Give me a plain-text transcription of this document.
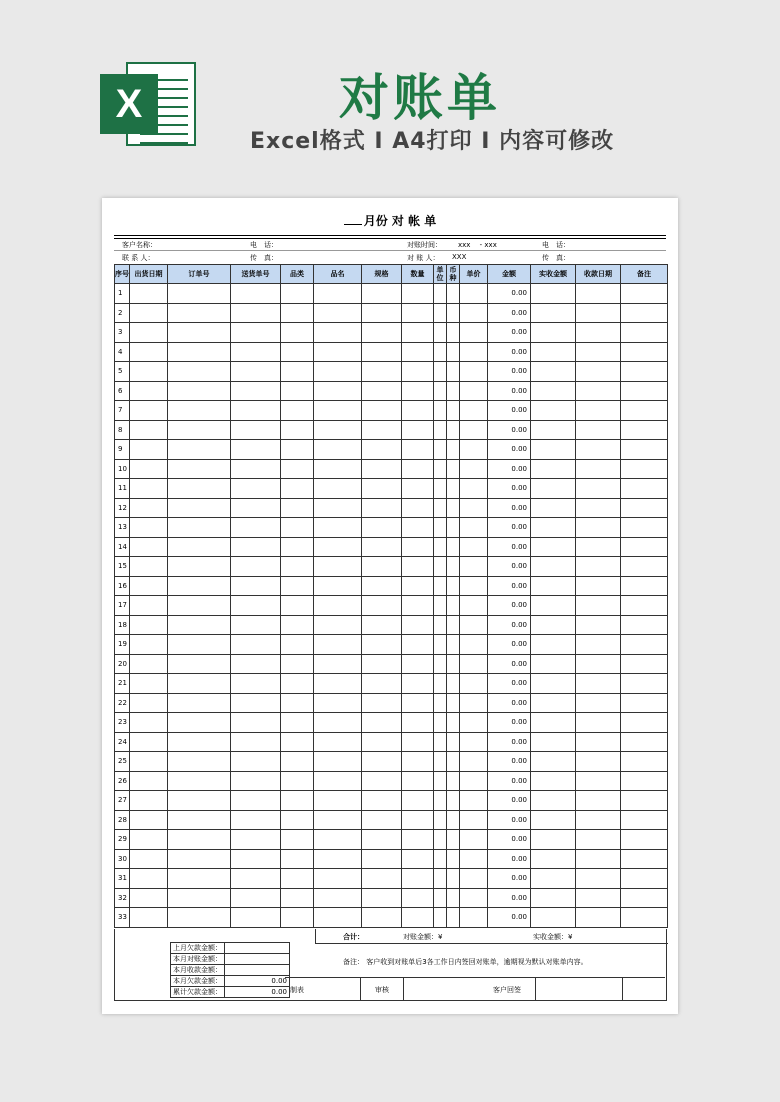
X	对账单
Excel格式 I A4打印 I 内容可修改
月份 对 帐 单
客户名称：	电　话：	对账时间： xxx　 - xxx	电　话：
联 系 人：	传　真：	对 账 人： XXX	传　真：
序号	出货日期	订单号	送货单号	品类	品名	规格	数量	单位	币种	单价	金额	实收金额	收款日期	备注
1											0.00			
2											0.00			
3											0.00			
4											0.00			
5											0.00			
6											0.00			
7											0.00			
8											0.00			
9											0.00			
10											0.00			
11											0.00			
12											0.00			
13											0.00			
14											0.00			
15											0.00			
16											0.00			
17											0.00			
18											0.00			
19											0.00			
20											0.00			
21											0.00			
22											0.00			
23											0.00			
24											0.00			
25											0.00			
26											0.00			
27											0.00			
28											0.00			
29											0.00			
30											0.00			
31											0.00			
32											0.00			
33											0.00			
合计：	对账金额：¥	实收金额：¥
上月欠款金额：	
本月对账金额：	
本月收款金额：	
本月欠款金额：	0.00
累计欠款金额：	0.00
备注： 客户收到对账单后3各工作日内签回对账单，逾期视为默认对账单内容。
制表	审核	客户回签
